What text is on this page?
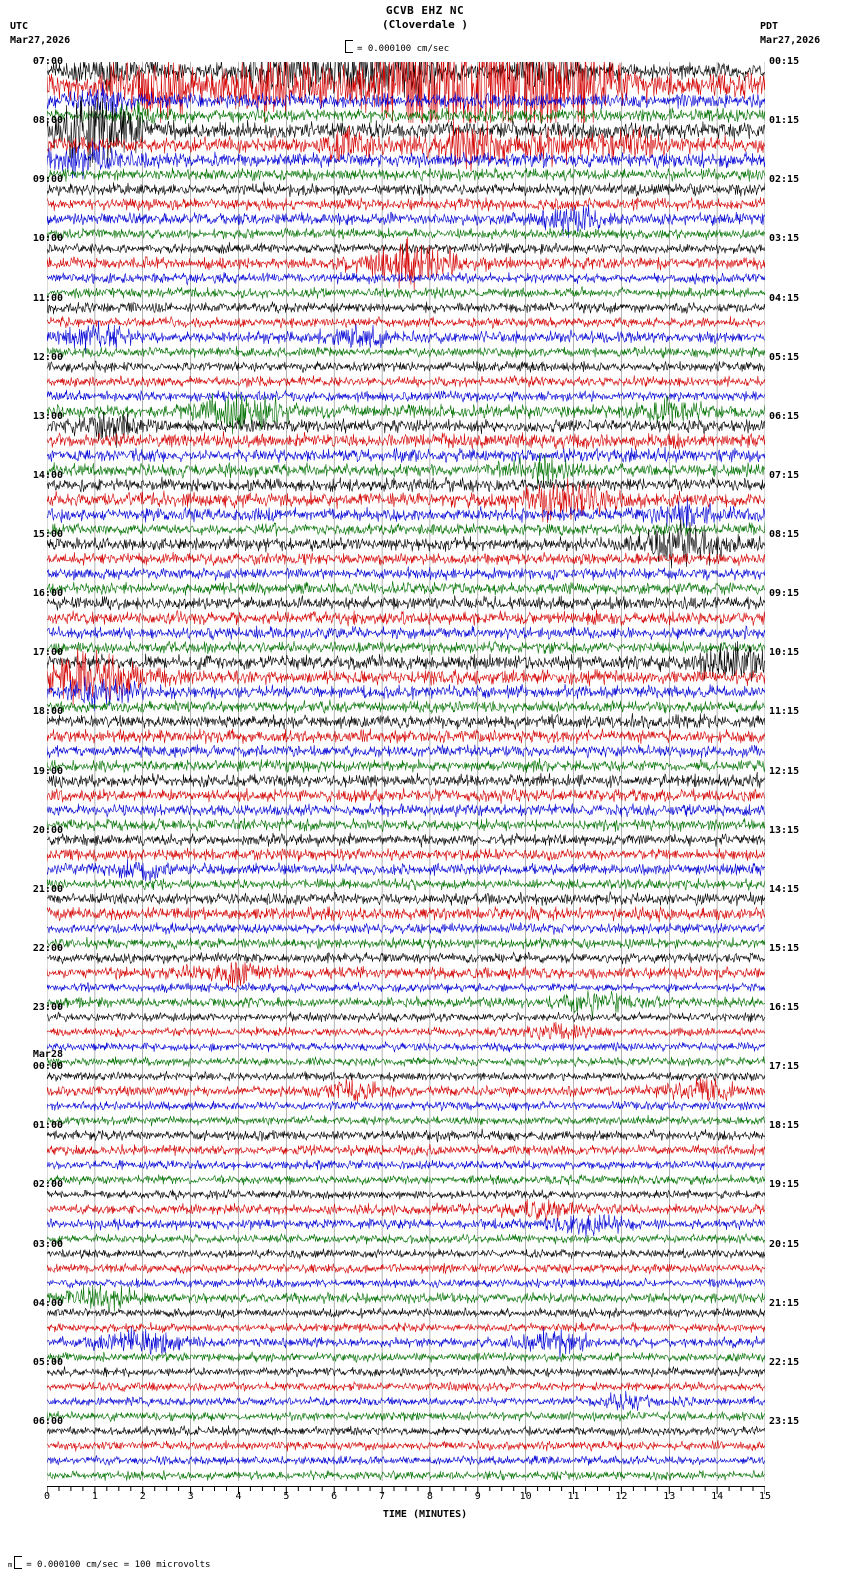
GCVB EHZ NC
(Cloverdale )
UTC
Mar27,2026
PDT
Mar27,2026
= 0.000100 cm/sec
07:00
08:00
09:00
10:00
11:00
12:00
13:00
14:00
15:00
16:00
17:00
18:00
19:00
20:00
21:00
22:00
23:00
00:00
01:00
02:00
03:00
04:00
05:00
06:00
00:15
01:15
02:15
03:15
04:15
05:15
06:15
07:15
08:15
09:15
10:15
11:15
12:15
13:15
14:15
15:15
16:15
17:15
18:15
19:15
20:15
21:15
22:15
23:15
Mar28
0	1	2	3	4	5	6	7	8	9	10	11	12	13	14	15
TIME (MINUTES)
m = 0.000100 cm/sec = 100 microvolts
